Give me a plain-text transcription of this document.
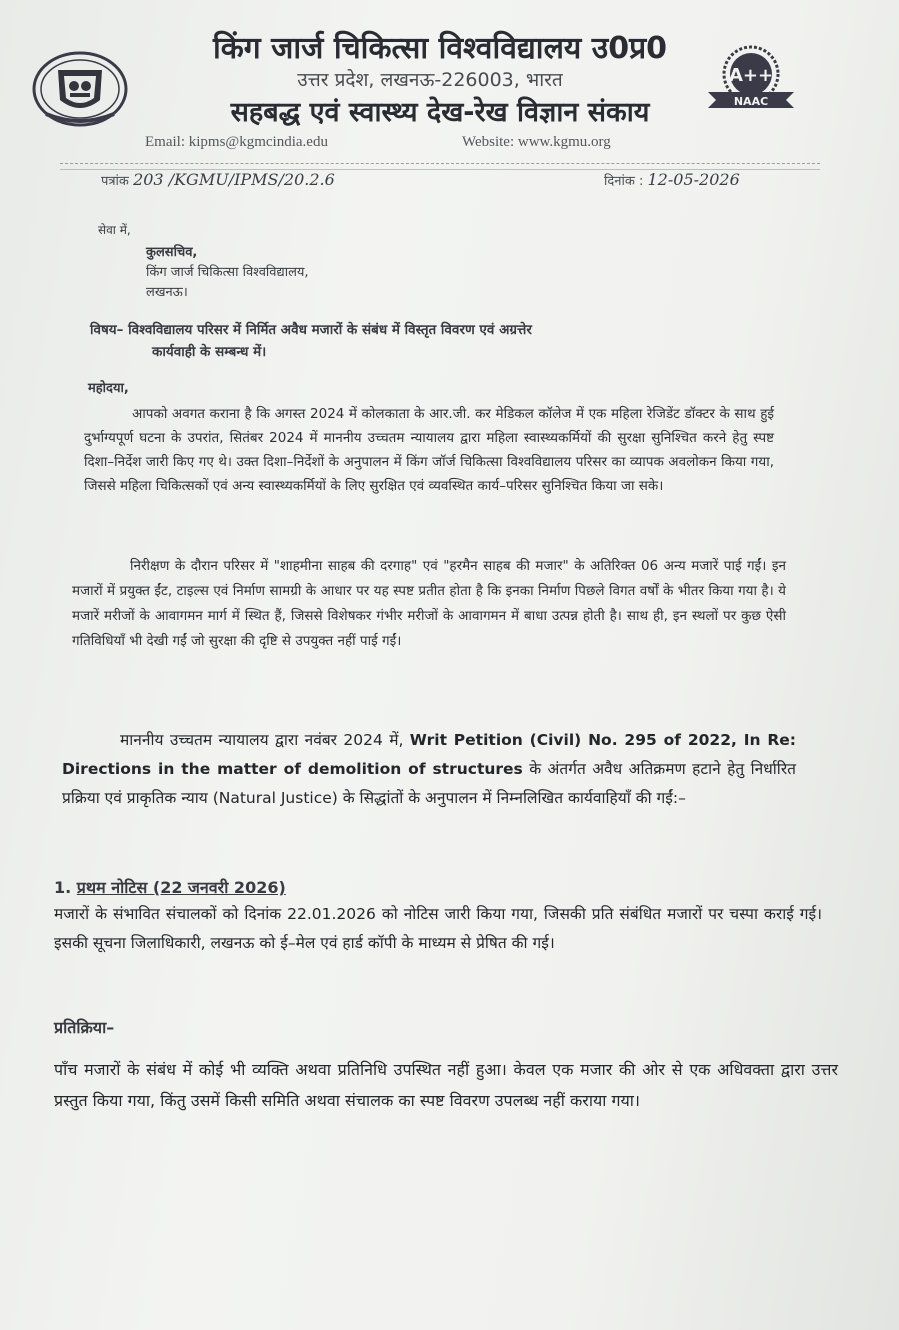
A++
NAAC
किंग जार्ज चिकित्सा विश्वविद्यालय उ0प्र0
उत्तर प्रदेश, लखनऊ-226003, भारत
सहबद्ध एवं स्वास्थ्य देख-रेख विज्ञान संकाय
Email: kipms@kgmcindia.edu	Website: www.kgmu.org
पत्रांक 203 /KGMU/IPMS/20.2.6	दिनांक : 12-05-2026
सेवा में,
कुलसचिव,
किंग जार्ज चिकित्सा विश्वविद्यालय,
लखनऊ।
विषय– विश्वविद्यालय परिसर में निर्मित अवैध मजारों के संबंध में विस्तृत विवरण एवं अग्रत्तेर
कार्यवाही के सम्बन्ध में।
महोदया,
आपको अवगत कराना है कि अगस्त 2024 में कोलकाता के आर.जी. कर मेडिकल कॉलेज में एक महिला रेजिडेंट डॉक्टर के साथ हुई दुर्भाग्यपूर्ण घटना के उपरांत, सितंबर 2024 में माननीय उच्चतम न्यायालय द्वारा महिला स्वास्थ्यकर्मियों की सुरक्षा सुनिश्चित करने हेतु स्पष्ट दिशा–निर्देश जारी किए गए थे। उक्त दिशा–निर्देशों के अनुपालन में किंग जॉर्ज चिकित्सा विश्वविद्यालय परिसर का व्यापक अवलोकन किया गया, जिससे महिला चिकित्सकों एवं अन्य स्वास्थ्यकर्मियों के लिए सुरक्षित एवं व्यवस्थित कार्य–परिसर सुनिश्चित किया जा सके।
निरीक्षण के दौरान परिसर में "शाहमीना साहब की दरगाह" एवं "हरमैन साहब की मजार" के अतिरिक्त 06 अन्य मजारें पाई गईं। इन मजारों में प्रयुक्त ईंट, टाइल्स एवं निर्माण सामग्री के आधार पर यह स्पष्ट प्रतीत होता है कि इनका निर्माण पिछले विगत वर्षों के भीतर किया गया है। ये मजारें मरीजों के आवागमन मार्ग में स्थित हैं, जिससे विशेषकर गंभीर मरीजों के आवागमन में बाधा उत्पन्न होती है। साथ ही, इन स्थलों पर कुछ ऐसी गतिविधियाँ भी देखी गईं जो सुरक्षा की दृष्टि से उपयुक्त नहीं पाई गईं।
माननीय उच्चतम न्यायालय द्वारा नवंबर 2024 में, Writ Petition (Civil) No. 295 of 2022, In Re: Directions in the matter of demolition of structures के अंतर्गत अवैध अतिक्रमण हटाने हेतु निर्धारित प्रक्रिया एवं प्राकृतिक न्याय (Natural Justice) के सिद्धांतों के अनुपालन में निम्नलिखित कार्यवाहियाँ की गईं:–
1. प्रथम नोटिस (22 जनवरी 2026)
मजारों के संभावित संचालकों को दिनांक 22.01.2026 को नोटिस जारी किया गया, जिसकी प्रति संबंधित मजारों पर चस्पा कराई गई। इसकी सूचना जिलाधिकारी, लखनऊ को ई–मेल एवं हार्ड कॉपी के माध्यम से प्रेषित की गई।
प्रतिक्रिया–
पाँच मजारों के संबंध में कोई भी व्यक्ति अथवा प्रतिनिधि उपस्थित नहीं हुआ। केवल एक मजार की ओर से एक अधिवक्ता द्वारा उत्तर प्रस्तुत किया गया, किंतु उसमें किसी समिति अथवा संचालक का स्पष्ट विवरण उपलब्ध नहीं कराया गया।
